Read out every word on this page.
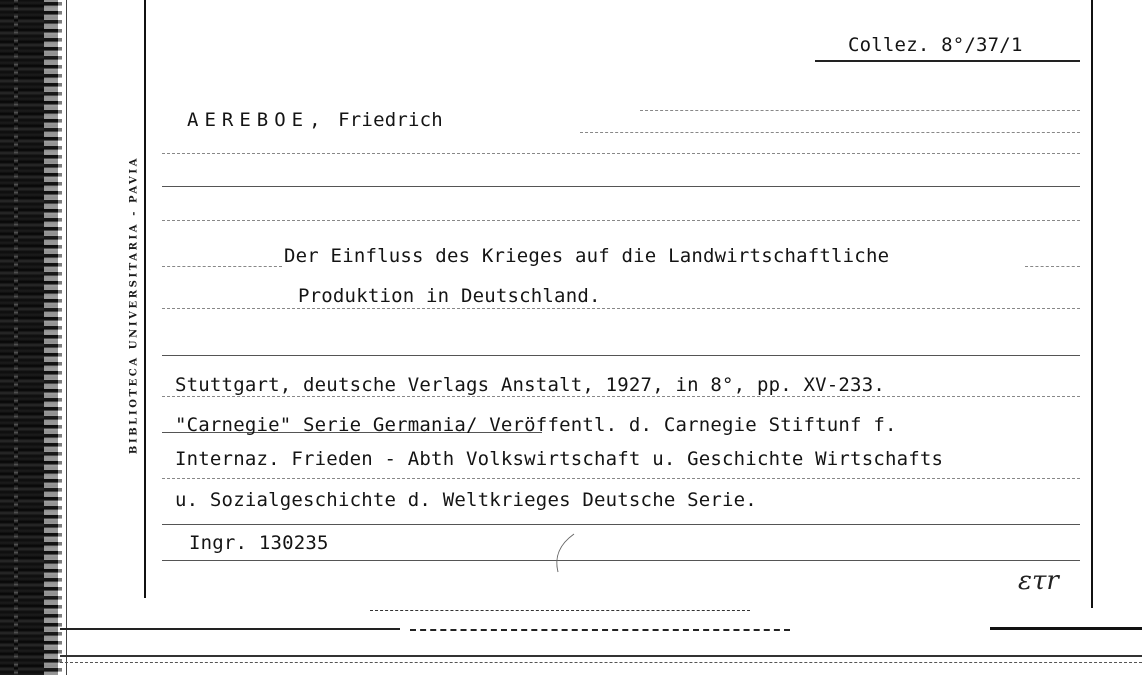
BIBLIOTECA UNIVERSITARIA - PAVIA
Collez. 8°/37/1
AEREBOE, Friedrich
Der Einfluss des Krieges auf die Landwirtschaftliche
Produktion in Deutschland.
Stuttgart, deutsche Verlags Anstalt, 1927, in 8°, pp. XV-233.
"Carnegie" Serie Germania/ Veröffentl. d. Carnegie Stiftunf f.
Internaz. Frieden - Abth Volkswirtschaft u. Geschichte Wirtschafts
u. Sozialgeschichte d. Weltkrieges Deutsche Serie.
Ingr. 130235
ετr
